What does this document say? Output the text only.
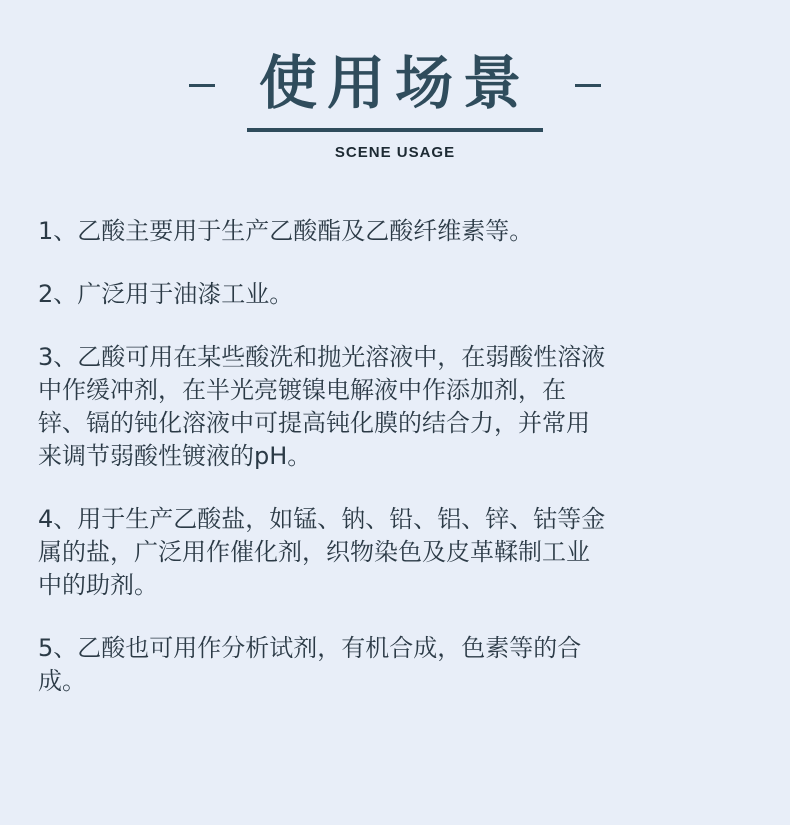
使用场景
SCENE USAGE

1、乙酸主要用于生产乙酸酯及乙酸纤维素等。

2、广泛用于油漆工业。

3、乙酸可用在某些酸洗和抛光溶液中，在弱酸性溶液
中作缓冲剂，在半光亮镀镍电解液中作添加剂，在
锌、镉的钝化溶液中可提高钝化膜的结合力，并常用
来调节弱酸性镀液的pH。

4、用于生产乙酸盐，如锰、钠、铅、铝、锌、钴等金
属的盐，广泛用作催化剂，织物染色及皮革鞣制工业
中的助剂。

5、乙酸也可用作分析试剂，有机合成，色素等的合
成。
